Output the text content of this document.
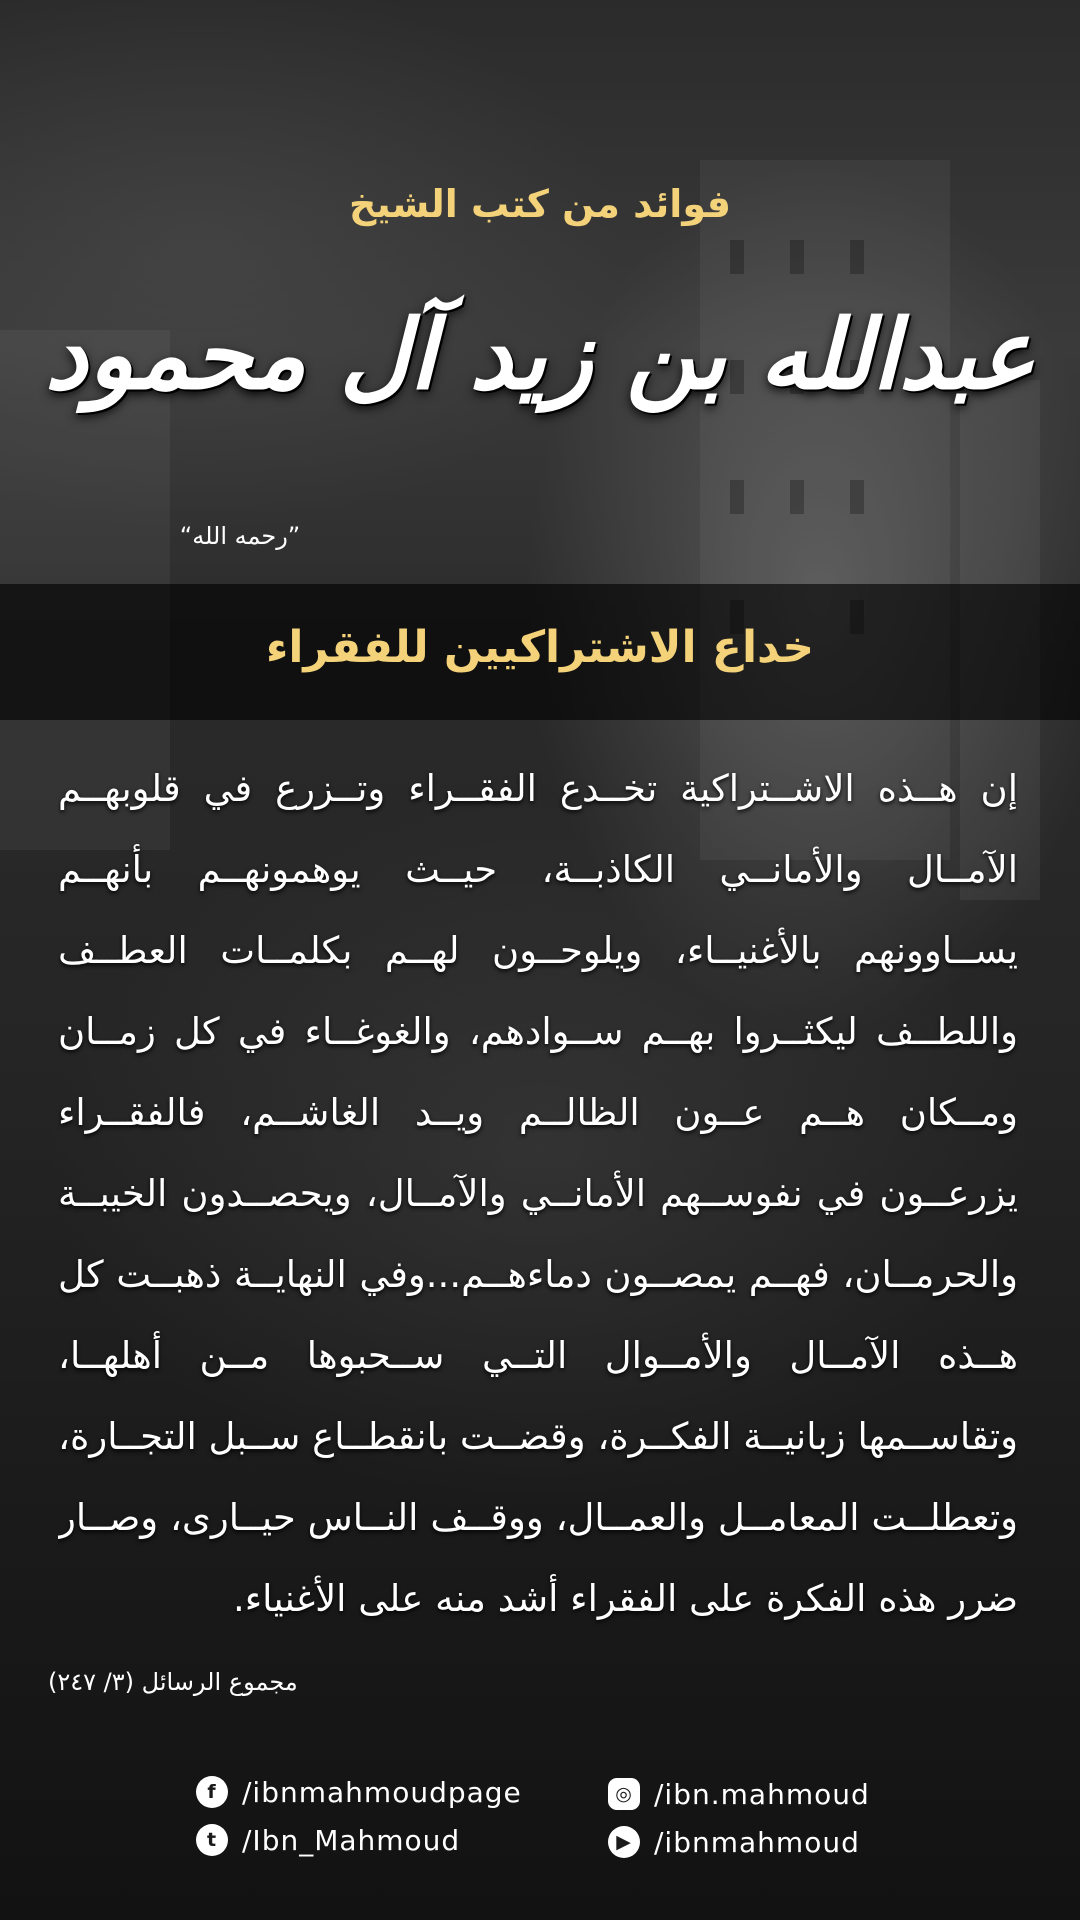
فوائد من كتب الشيخ
عبدالله بن زيد آل محمود
”رحمه الله“
خداع الاشتراكيين للفقراء
إن هــذه الاشــتراكية تخــدع الفقــراء وتــزرع في قلوبهــم الآمــال والأمانــي الكاذبــة، حيــث يوهمونهــم بأنهــم يســاوونهم بالأغنيــاء، ويلوحــون لهــم بكلمــات العطــف واللطــف ليكثــروا بهــم ســوادهم، والغوغــاء في كل زمــان ومــكان هــم عــون الظالــم ويــد الغاشــم، فالفقــراء يزرعــون في نفوســهم الأمانــي والآمــال، ويحصــدون الخيبــة والحرمــان، فهــم يمصــون دماءهــم...وفي النهايــة ذهبــت كل هــذه الآمــال والأمــوال التــي ســحبوها مــن أهلهــا، وتقاســمها زبانيــة الفكــرة، وقضــت بانقطــاع ســبل التجــارة، وتعطلــت المعامــل والعمــال، ووقــف النــاس حيــارى، وصــار ضرر هذه الفكرة على الفقراء أشد منه على الأغنياء.
مجموع الرسائل (٣/ ٢٤٧)
f /ibnmahmoudpage
t /Ibn_Mahmoud
◎ /ibn.mahmoud
▶ /ibnmahmoud
